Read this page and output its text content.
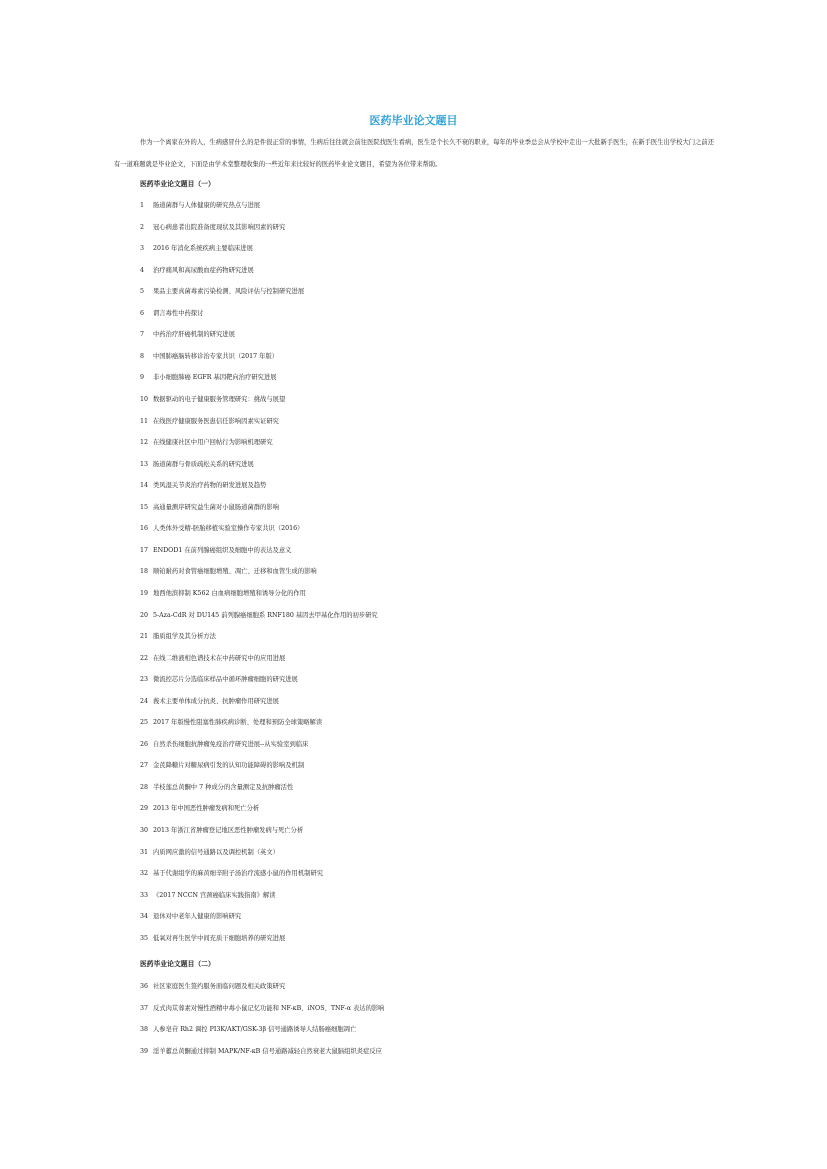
医药毕业论文题目
作为一个离家在外的人，生病感冒什么的是件很正常的事情，生病后往往就会前往医院找医生看病，医生是个长久不衰的职业，每年的毕业季总会从学校中走出一大批新手医生，在新手医生出学校大门之前还有一道难题就是毕业论文，下面是由学术堂整理收集的一些近年来比较好的医药毕业论文题目，希望为各位带来帮助。
医药毕业论文题目（一）
医药毕业论文题目（二）
1 肠道菌群与人体健康的研究热点与进展
2 冠心病患者出院准备度现状及其影响因素的研究
3 2016 年消化系统疾病主要临床进展
4 治疗痛风和高尿酸血症药物研究进展
5 果品主要真菌毒素污染检测、风险评估与控制研究进展
6 谓言毒性中药探讨
7 中药治疗肝癌机制的研究进展
8 中国肺癌脑转移诊治专家共识（2017 年版）
9 非小细胞肺癌 EGFR 基因靶向治疗研究进展
10 数据驱动的电子健康服务管理研究：挑战与展望
11 在线医疗健康服务医患信任影响因素实证研究
12 在线健康社区中用户回帖行为影响机理研究
13 肠道菌群与骨质疏松关系的研究进展
14 类风湿关节炎治疗药物的研发进展及趋势
15 高通量测序研究益生菌对小鼠肠道菌群的影响
16 人类体外受精-胚胎移植实验室操作专家共识（2016）
17 ENDOD1 在前列腺癌组织及细胞中的表达及意义
18 顺铂耐药对食管癌细胞增殖、凋亡、迁移和血管生成的影响
19 地西他滨抑制 K562 白血病细胞增殖和诱导分化的作用
20 5-Aza-CdR 对 DU145 前列腺癌细胞系 RNF180 基因去甲基化作用的初步研究
21 脂质组学及其分析方法
22 在线二维液相色谱技术在中药研究中的应用进展
23 微流控芯片分选临床样品中循环肿瘤细胞的研究进展
24 莪术主要单体成分抗炎、抗肿瘤作用研究进展
25 2017 年版慢性阻塞性肺疾病诊断、处理和预防全球策略解读
26 自然杀伤细胞抗肿瘤免疫治疗研究进展--从实验室到临床
27 金芪降糖片对糖尿病引发的认知功能障碍的影响及机制
28 半枝莲总黄酮中 7 种成分的含量测定及抗肿瘤活性
29 2013 年中国恶性肿瘤发病和死亡分析
30 2013 年浙江省肿瘤登记地区恶性肿瘤发病与死亡分析
31 内质网应激的信号通路以及调控机制（英文）
32 基于代谢组学的麻黄细辛附子汤治疗流感小鼠的作用机制研究
33 《2017 NCCN 宫颈癌临床实践指南》解读
34 退休对中老年人健康的影响研究
35 低氧对再生医学中间充质干细胞培养的研究进展
36 社区家庭医生签约服务面临问题及相关政策研究
37 反式肉苁蓉素对慢性酒精中毒小鼠记忆功能和 NF-κB、iNOS、TNF-α 表达的影响
38 人参皂苷 Rh2 调控 PI3K/AKT/GSK-3β 信号通路诱导人结肠癌细胞凋亡
39 淫羊藿总黄酮通过抑制 MAPK/NF-κB 信号通路减轻自然衰老大鼠脑组织炎症反应
